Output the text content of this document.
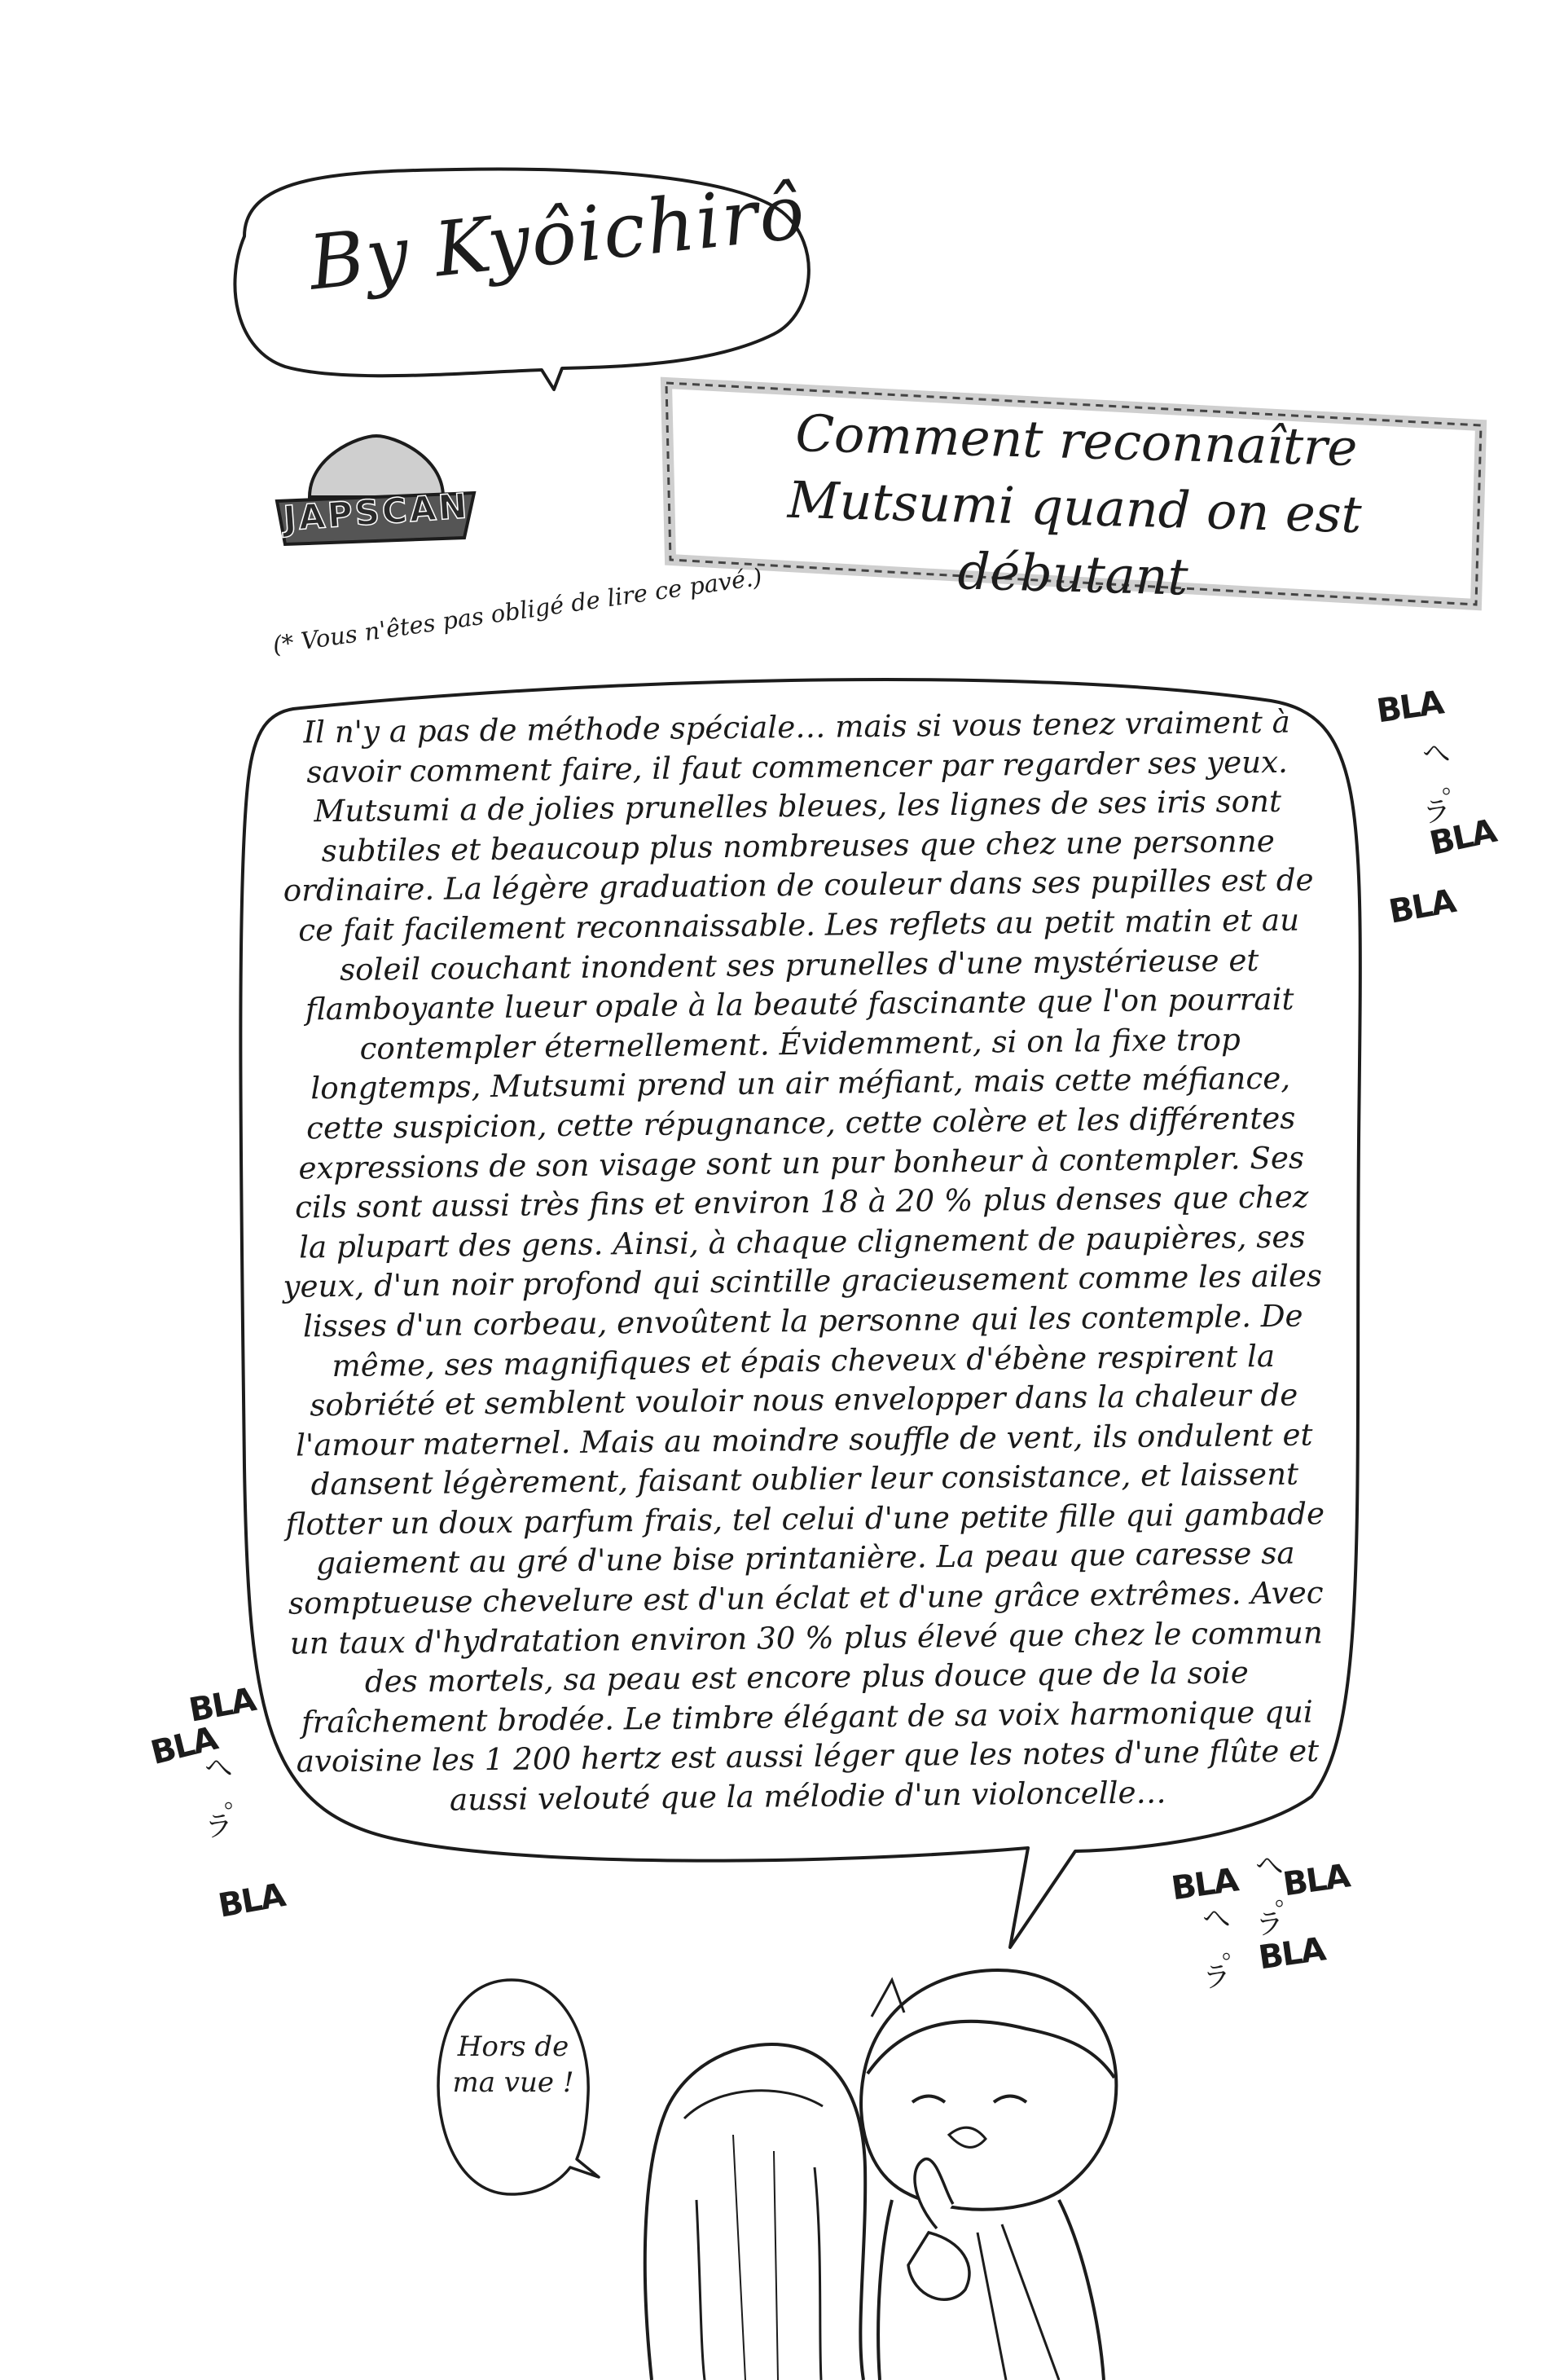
By Kyôichirô
Comment reconnaître Mutsumi quand on est débutant
JAPSCAN
(* Vous n'êtes pas obligé de lire ce pavé.)
Il n'y a pas de méthode spéciale… mais si vous tenez vraiment à savoir comment faire, il faut commencer par regarder ses yeux. Mutsumi a de jolies prunelles bleues, les lignes de ses iris sont subtiles et beaucoup plus nombreuses que chez une personne ordinaire. La légère graduation de couleur dans ses pupilles est de ce fait facilement reconnaissable. Les reflets au petit matin et au soleil couchant inondent ses prunelles d'une mystérieuse et flamboyante lueur opale à la beauté fascinante que l'on pourrait contempler éternellement. Évidemment, si on la fixe trop longtemps, Mutsumi prend un air méfiant, mais cette méfiance, cette suspicion, cette répugnance, cette colère et les différentes expressions de son visage sont un pur bonheur à contempler. Ses cils sont aussi très fins et environ 18 à 20 % plus denses que chez la plupart des gens. Ainsi, à chaque clignement de paupières, ses yeux, d'un noir profond qui scintille gracieusement comme les ailes lisses d'un corbeau, envoûtent la personne qui les contemple. De même, ses magnifiques et épais cheveux d'ébène respirent la sobriété et semblent vouloir nous envelopper dans la chaleur de l'amour maternel. Mais au moindre souffle de vent, ils ondulent et dansent légèrement, faisant oublier leur consistance, et laissent flotter un doux parfum frais, tel celui d'une petite fille qui gambade gaiement au gré d'une bise printanière. La peau que caresse sa somptueuse chevelure est d'un éclat et d'une grâce extrêmes. Avec un taux d'hydratation environ 30 % plus élevé que chez le commun des mortels, sa peau est encore plus douce que de la soie fraîchement brodée. Le timbre élégant de sa voix harmonique qui avoisine les 1 200 hertz est aussi léger que les notes d'une flûte et aussi velouté que la mélodie d'un violoncelle…
BLA
へ゜ラ
BLA
BLA
BLA
BLA
へ゜ラ
BLA	BLA へ゜ラ
BLA
へ゜ラ BLA
Hors de ma vue !
